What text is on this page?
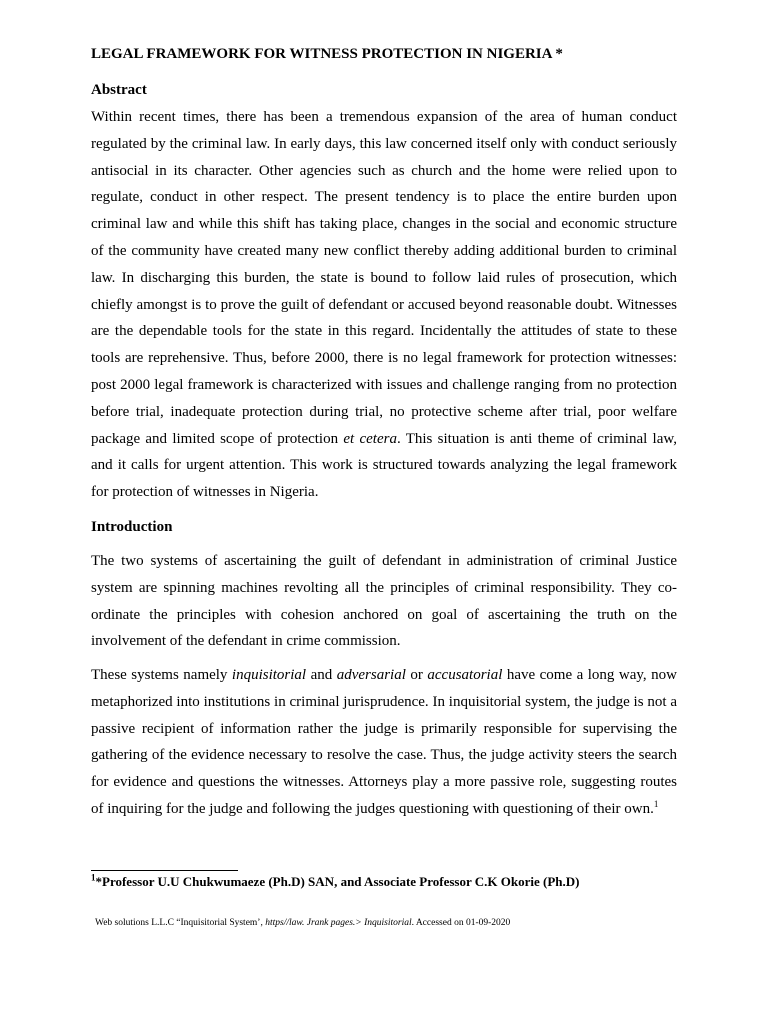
LEGAL FRAMEWORK FOR WITNESS PROTECTION IN NIGERIA *
Abstract

Within recent times, there has been a tremendous expansion of the area of human conduct regulated by the criminal law. In early days, this law concerned itself only with conduct seriously antisocial in its character. Other agencies such as church and the home were relied upon to regulate, conduct in other respect. The present tendency is to place the entire burden upon criminal law and while this shift has taking place, changes in the social and economic structure of the community have created many new conflict thereby adding additional burden to criminal law. In discharging this burden, the state is bound to follow laid rules of prosecution, which chiefly amongst is to prove the guilt of defendant or accused beyond reasonable doubt. Witnesses are the dependable tools for the state in this regard. Incidentally the attitudes of state to these tools are reprehensive. Thus, before 2000, there is no legal framework for protection witnesses: post 2000 legal framework is characterized with issues and challenge ranging from no protection before trial, inadequate protection during trial, no protective scheme after trial, poor welfare package and limited scope of protection et cetera. This situation is anti theme of criminal law, and it calls for urgent attention. This work is structured towards analyzing the legal framework for protection of witnesses in Nigeria.

Introduction

The two systems of ascertaining the guilt of defendant in administration of criminal Justice system are spinning machines revolting all the principles of criminal responsibility. They co-ordinate the principles with cohesion anchored on goal of ascertaining the truth on the involvement of the defendant in crime commission.

These systems namely inquisitorial and adversarial or accusatorial have come a long way, now metaphorized into institutions in criminal jurisprudence. In inquisitorial system, the judge is not a passive recipient of information rather the judge is primarily responsible for supervising the gathering of the evidence necessary to resolve the case. Thus, the judge activity steers the search for evidence and questions the witnesses. Attorneys play a more passive role, suggesting routes of inquiring for the judge and following the judges questioning with questioning of their own.$^1$

$^1$*Professor U.U Chukwumaeze (Ph.D) SAN, and Associate Professor C.K Okorie (Ph.D)
Web solutions L.L.C “Inquisitorial System’, https//law. Jrank pages.> Inquisitorial. Accessed on 01-09-2020
